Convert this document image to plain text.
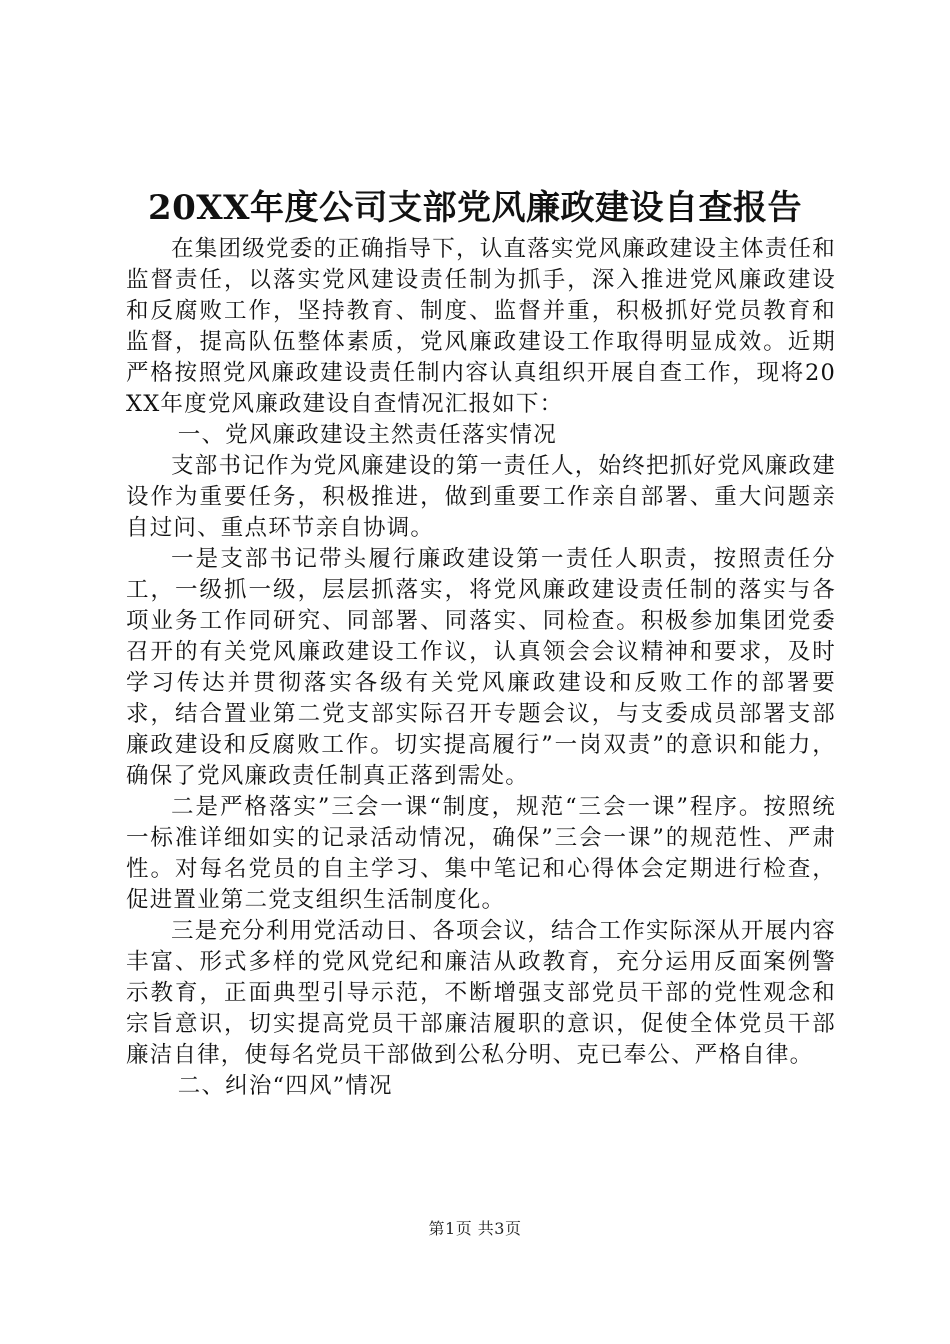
20XX年度公司支部党风廉政建设自查报告

在集团级党委的正确指导下，认直落实党风廉政建设主体责任和监督责任，以落实党风建设责任制为抓手，深入推进党风廉政建设和反腐败工作，坚持教育、制度、监督并重，积极抓好党员教育和监督，提高队伍整体素质，党风廉政建设工作取得明显成效。近期严格按照党风廉政建设责任制内容认真组织开展自查工作，现将20XX年度党风廉政建设自查情况汇报如下：

一、党风廉政建设主然责任落实情况

支部书记作为党风廉建设的第一责任人，始终把抓好党风廉政建设作为重要任务，积极推进，做到重要工作亲自部署、重大问题亲自过问、重点环节亲自协调。

一是支部书记带头履行廉政建设第一责任人职责，按照责任分工，一级抓一级，层层抓落实，将党风廉政建设责任制的落实与各项业务工作同研究、同部署、同落实、同检查。积极参加集团党委召开的有关党风廉政建设工作议，认真领会会议精神和要求，及时学习传达并贯彻落实各级有关党风廉政建设和反败工作的部署要求，结合置业第二党支部实际召开专题会议，与支委成员部署支部廉政建设和反腐败工作。切实提高履行”一岗双责”的意识和能力，确保了党风廉政责任制真正落到需处。

二是严格落实”三会一课“制度，规范“三会一课”程序。按照统一标准详细如实的记录活动情况，确保”三会一课”的规范性、严肃性。对每名党员的自主学习、集中笔记和心得体会定期进行检查，促进置业第二党支组织生活制度化。

三是充分利用党活动日、各项会议，结合工作实际深从开展内容丰富、形式多样的党风党纪和廉洁从政教育，充分运用反面案例警示教育，正面典型引导示范，不断增强支部党员干部的党性观念和宗旨意识，切实提高党员干部廉洁履职的意识，促使全体党员干部廉洁自律，使每名党员干部做到公私分明、克已奉公、严格自律。

二、纠治“四风”情况

第1页 共3页
